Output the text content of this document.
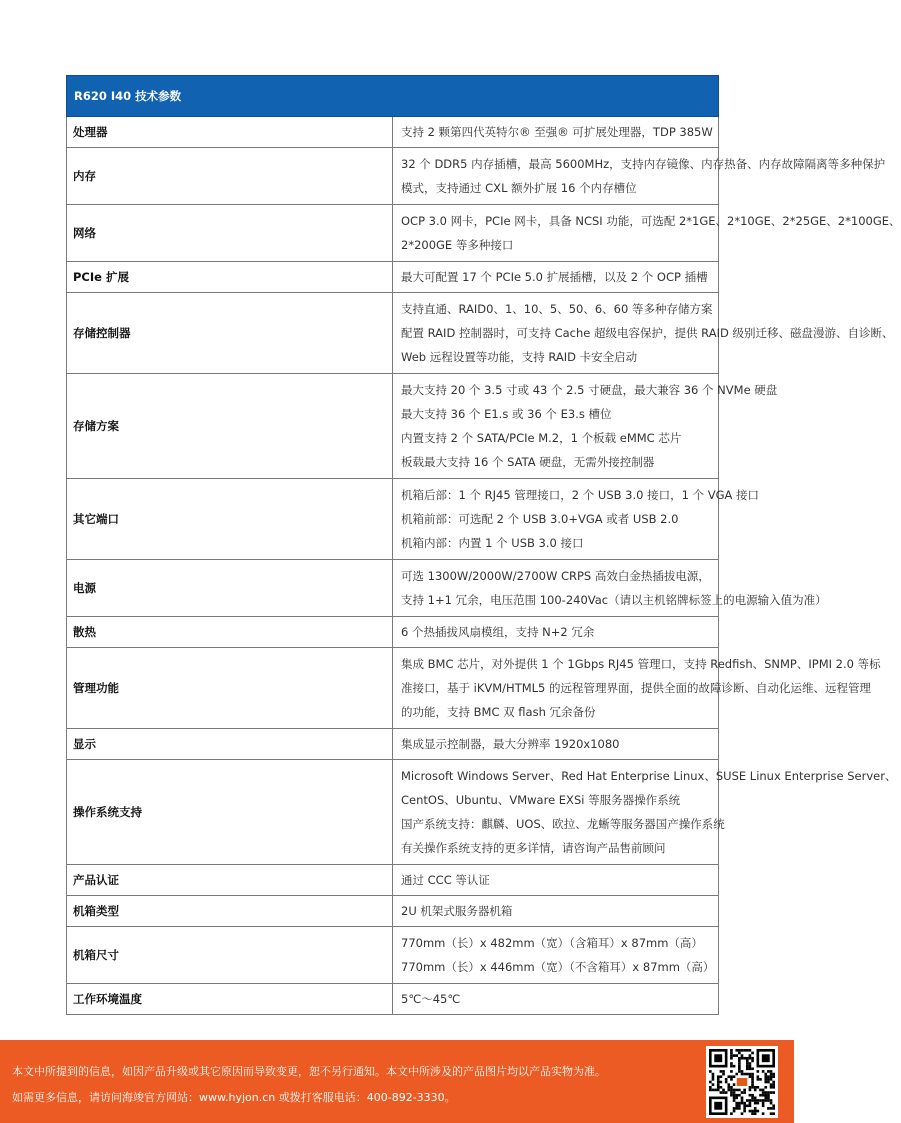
R620 I40 技术参数	
处理器	支持 2 颗第四代英特尔® 至强® 可扩展处理器，TDP 385W

内存	32 个 DDR5 内存插槽，最高 5600MHz，支持内存镜像、内存热备、内存故障隔离等多种保护
模式，支持通过 CXL 额外扩展 16 个内存槽位

网络	OCP 3.0 网卡，PCIe 网卡，具备 NCSI 功能，可选配 2*1GE、2*10GE、2*25GE、2*100GE、
2*200GE 等多种接口

PCIe 扩展	最大可配置 17 个 PCIe 5.0 扩展插槽，以及 2 个 OCP 插槽

存储控制器	支持直通、RAID0、1、10、5、50、6、60 等多种存储方案
配置 RAID 控制器时，可支持 Cache 超级电容保护，提供 RAID 级别迁移、磁盘漫游、自诊断、
Web 远程设置等功能，支持 RAID 卡安全启动

存储方案	最大支持 20 个 3.5 寸或 43 个 2.5 寸硬盘，最大兼容 36 个 NVMe 硬盘
最大支持 36 个 E1.s 或 36 个 E3.s 槽位
内置支持 2 个 SATA/PCIe M.2，1 个板载 eMMC 芯片
板载最大支持 16 个 SATA 硬盘，无需外接控制器

其它端口	机箱后部：1 个 RJ45 管理接口，2 个 USB 3.0 接口，1 个 VGA 接口
机箱前部：可选配 2 个 USB 3.0+VGA 或者 USB 2.0
机箱内部：内置 1 个 USB 3.0 接口

电源	可选 1300W/2000W/2700W CRPS 高效白金热插拔电源，
支持 1+1 冗余，电压范围 100-240Vac（请以主机铭牌标签上的电源输入值为准）

散热	6 个热插拔风扇模组，支持 N+2 冗余

管理功能	集成 BMC 芯片，对外提供 1 个 1Gbps RJ45 管理口，支持 Redfish、SNMP、IPMI 2.0 等标
准接口，基于 iKVM/HTML5 的远程管理界面，提供全面的故障诊断、自动化运维、远程管理
的功能，支持 BMC 双 flash 冗余备份

显示	集成显示控制器，最大分辨率 1920x1080

操作系统支持	Microsoft Windows Server、Red Hat Enterprise Linux、SUSE Linux Enterprise Server、
CentOS、Ubuntu、VMware EXSi 等服务器操作系统
国产系统支持：麒麟、UOS、欧拉、龙蜥等服务器国产操作系统
有关操作系统支持的更多详情，请咨询产品售前顾问

产品认证	通过 CCC 等认证

机箱类型	2U 机架式服务器机箱

机箱尺寸	770mm（长）x 482mm（宽）（含箱耳）x 87mm（高）
770mm（长）x 446mm（宽）（不含箱耳）x 87mm（高）

工作环境温度	5℃～45℃
本文中所提到的信息，如因产品升级或其它原因而导致变更，恕不另行通知。本文中所涉及的产品图片均以产品实物为准。
如需更多信息，请访问海竣官方网站：www.hyjon.cn 或拨打客服电话：400-892-3330。
